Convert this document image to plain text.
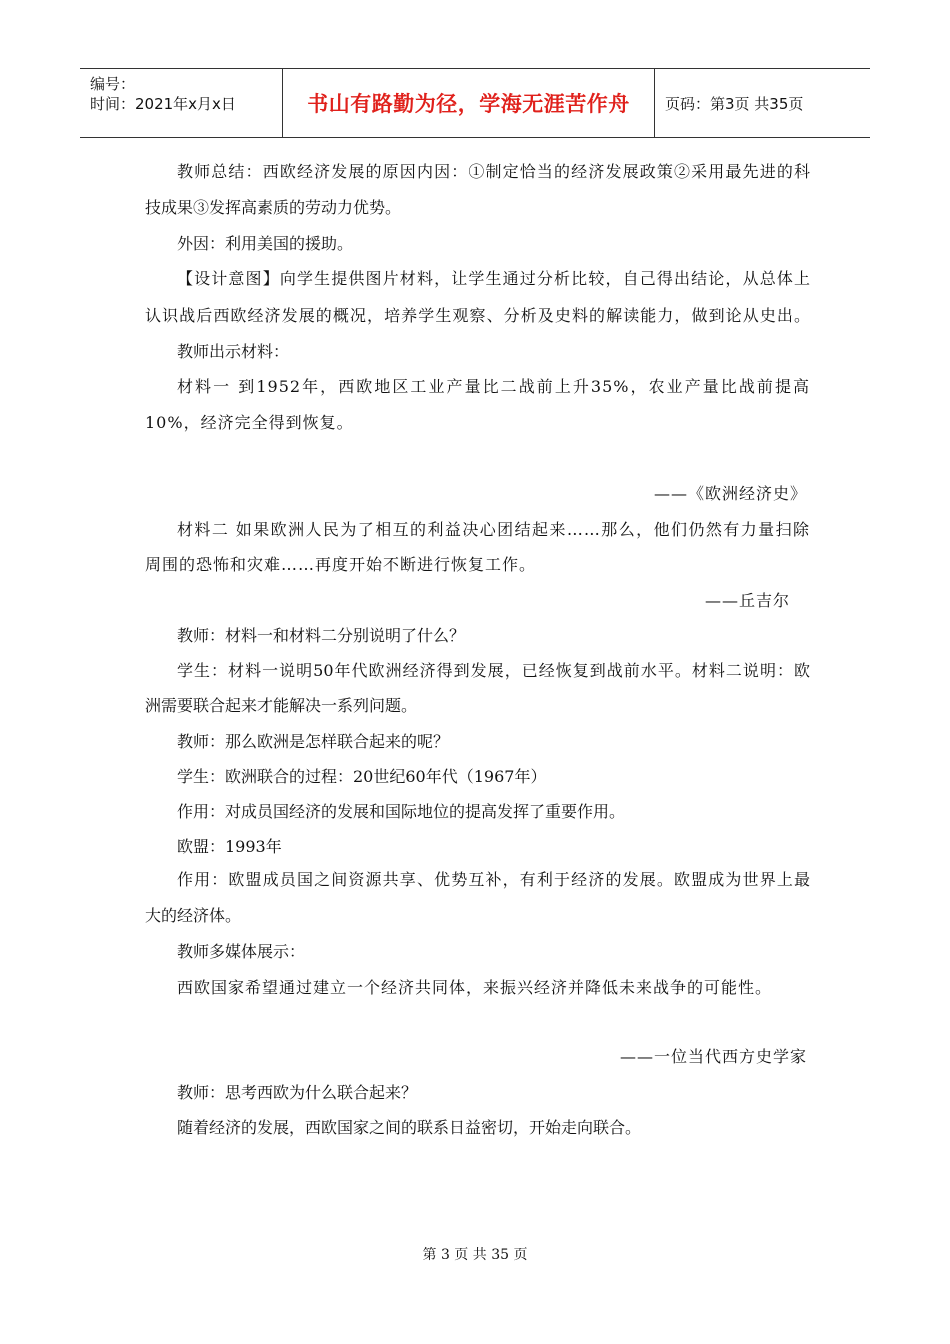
编号：
时间：2021年x月x日	书山有路勤为径，学海无涯苦作舟	页码：第3页 共35页
教师总结：西欧经济发展的原因内因：①制定恰当的经济发展政策②采用最先进的科
技成果③发挥高素质的劳动力优势。
外因：利用美国的援助。
【设计意图】向学生提供图片材料，让学生通过分析比较，自己得出结论，从总体上
认识战后西欧经济发展的概况，培养学生观察、分析及史料的解读能力，做到论从史出。
教师出示材料：
材料一 到1952年，西欧地区工业产量比二战前上升35%，农业产量比战前提高
10%，经济完全得到恢复。
——《欧洲经济史》
材料二 如果欧洲人民为了相互的利益决心团结起来……那么，他们仍然有力量扫除
周围的恐怖和灾难……再度开始不断进行恢复工作。
——丘吉尔
教师：材料一和材料二分别说明了什么？
学生：材料一说明50年代欧洲经济得到发展，已经恢复到战前水平。材料二说明：欧
洲需要联合起来才能解决一系列问题。
教师：那么欧洲是怎样联合起来的呢？
学生：欧洲联合的过程：20世纪60年代（1967年）
作用：对成员国经济的发展和国际地位的提高发挥了重要作用。
欧盟：1993年
作用：欧盟成员国之间资源共享、优势互补，有利于经济的发展。欧盟成为世界上最
大的经济体。
教师多媒体展示：
西欧国家希望通过建立一个经济共同体，来振兴经济并降低未来战争的可能性。
——一位当代西方史学家
教师：思考西欧为什么联合起来？
随着经济的发展，西欧国家之间的联系日益密切，开始走向联合。
第 3 页 共 35 页
